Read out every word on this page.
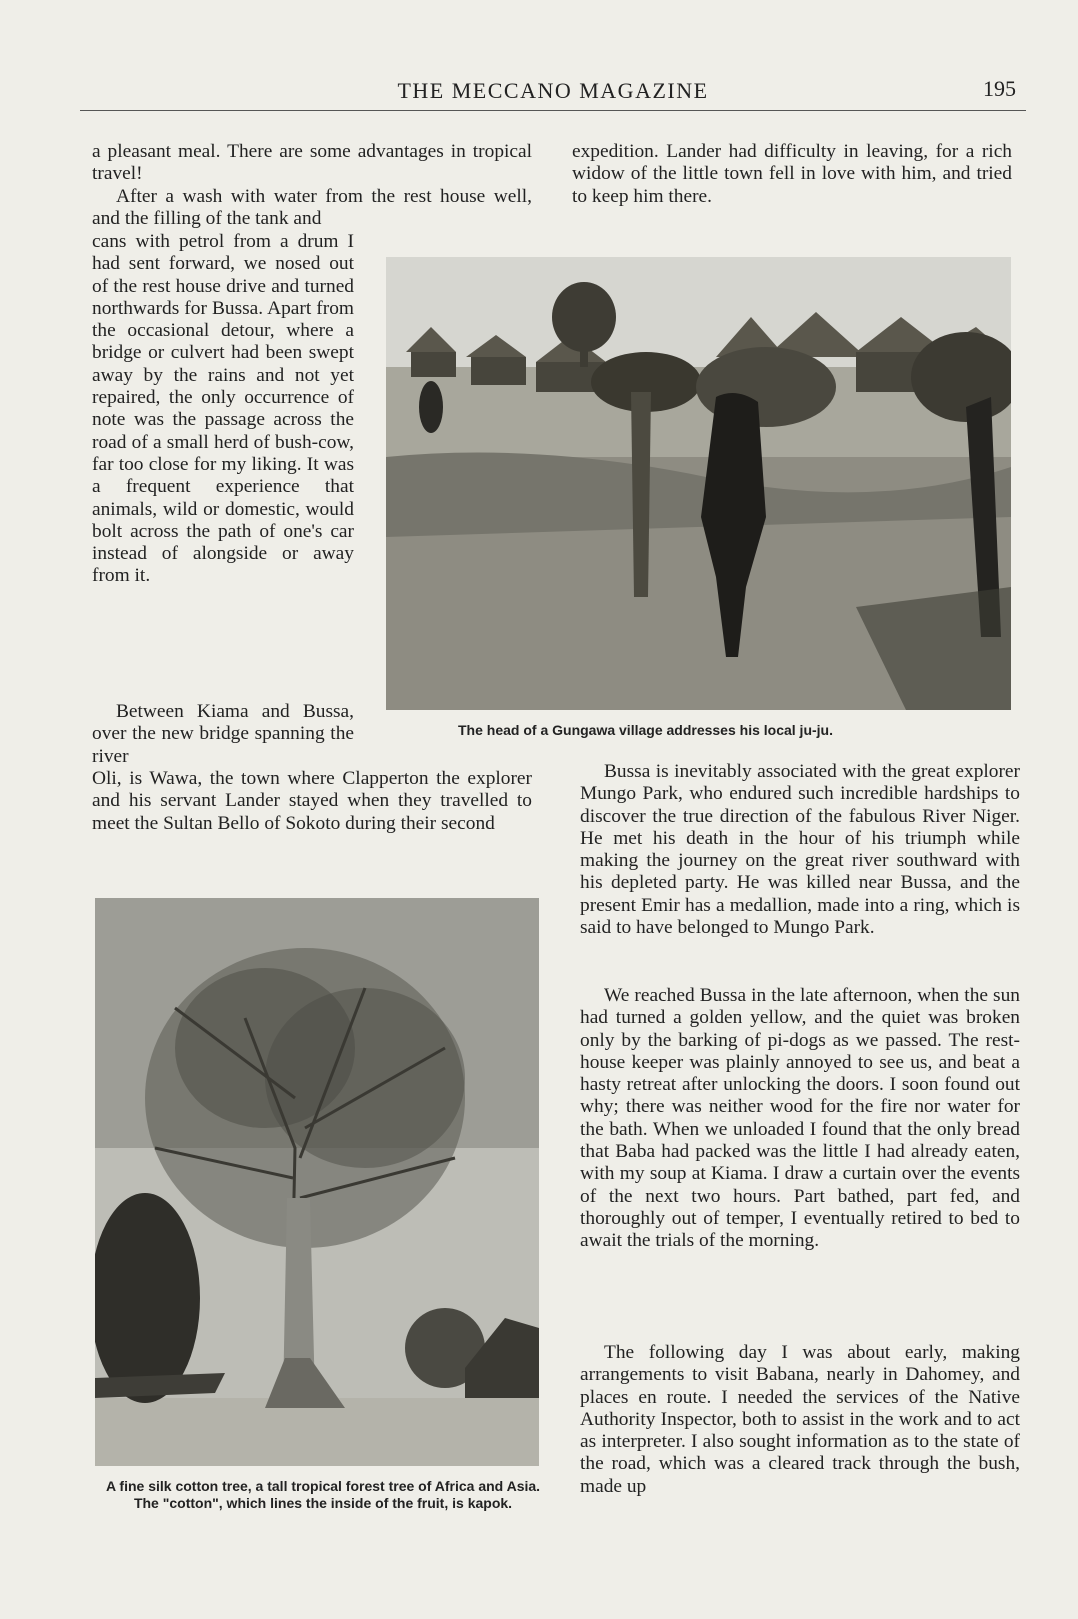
THE MECCANO MAGAZINE	195

a pleasant meal. There are some advantages in tropical travel!

After a wash with water from the rest house well, and the filling of the tank and

cans with petrol from a drum I had sent forward, we nosed out of the rest house drive and turned northwards for Bussa. Apart from the occasional detour, where a bridge or culvert had been swept away by the rains and not yet repaired, the only occurrence of note was the passage across the road of a small herd of bush-cow, far too close for my liking. It was a frequent experience that animals, wild or domestic, would bolt across the path of one's car instead of alongside or away from it.

Between Kiama and Bussa, over the new bridge spanning the river

Oli, is Wawa, the town where Clapperton the explorer and his servant Lander stayed when they travelled to meet the Sultan Bello of Sokoto during their second

expedition. Lander had difficulty in leaving, for a rich widow of the little town fell in love with him, and tried to keep him there.

Bussa is inevitably associated with the great explorer Mungo Park, who endured such incredible hardships to discover the true direction of the fabulous River Niger. He met his death in the hour of his triumph while making the journey on the great river southward with his depleted party. He was killed near Bussa, and the present Emir has a medallion, made into a ring, which is said to have belonged to Mungo Park.

We reached Bussa in the late afternoon, when the sun had turned a golden yellow, and the quiet was broken only by the barking of pi-dogs as we passed. The rest-house keeper was plainly annoyed to see us, and beat a hasty retreat after unlocking the doors. I soon found out why; there was neither wood for the fire nor water for the bath. When we unloaded I found that the only bread that Baba had packed was the little I had already eaten, with my soup at Kiama. I draw a curtain over the events of the next two hours. Part bathed, part fed, and thoroughly out of temper, I eventually retired to bed to await the trials of the morning.

The following day I was about early, making arrangements to visit Babana, nearly in Dahomey, and places en route. I needed the services of the Native Authority Inspector, both to assist in the work and to act as interpreter. I also sought information as to the state of the road, which was a cleared track through the bush, made up

The head of a Gungawa village addresses his local ju-ju.

A fine silk cotton tree, a tall tropical forest tree of Africa and Asia. The "cotton", which lines the inside of the fruit, is kapok.
